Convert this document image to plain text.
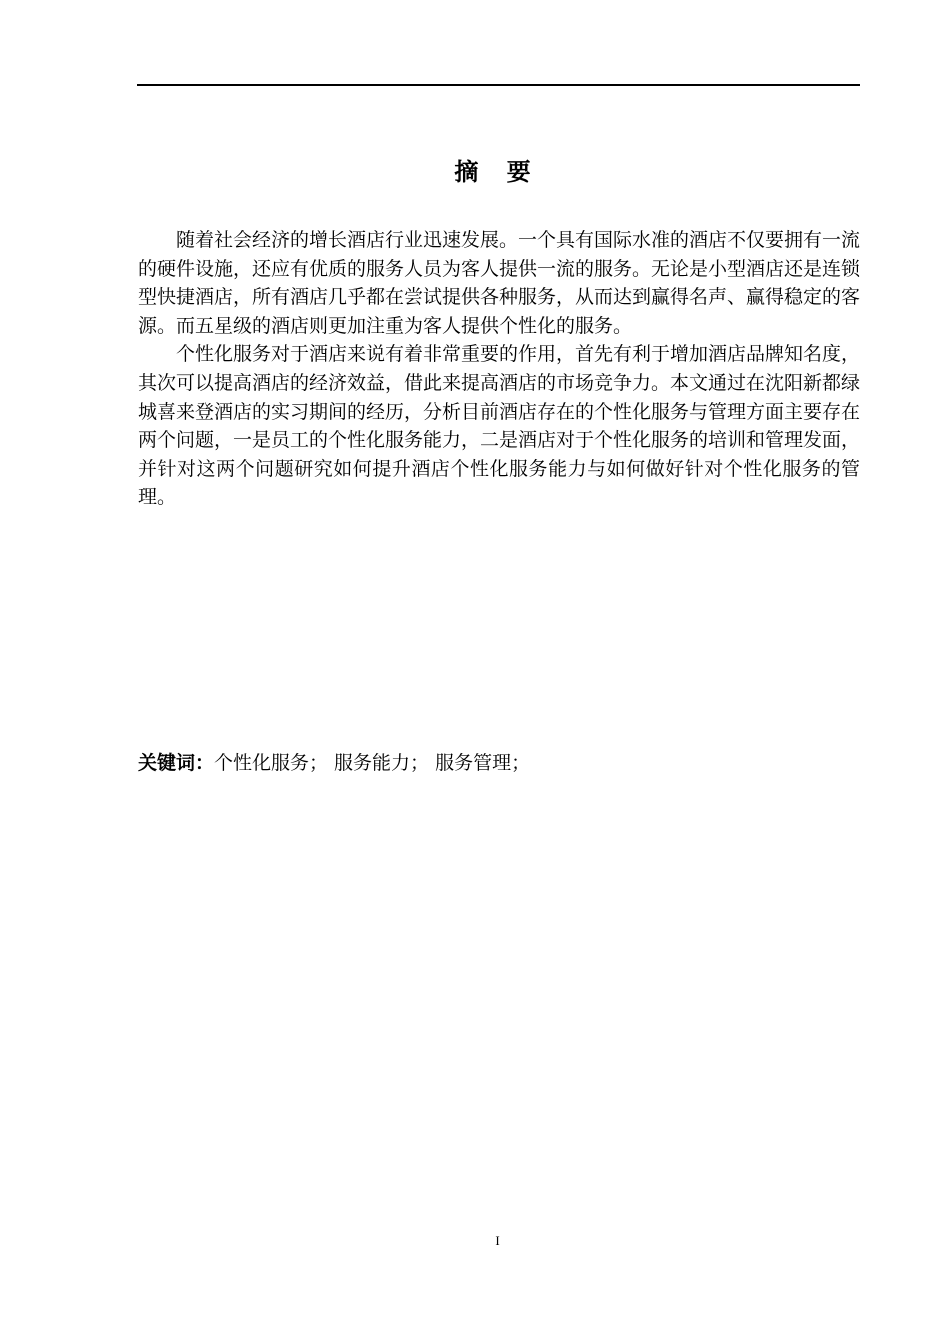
摘 要

随着社会经济的增长酒店行业迅速发展。一个具有国际水准的酒店不仅要拥有一流的硬件设施，还应有优质的服务人员为客人提供一流的服务。无论是小型酒店还是连锁型快捷酒店，所有酒店几乎都在尝试提供各种服务，从而达到赢得名声、赢得稳定的客源。而五星级的酒店则更加注重为客人提供个性化的服务。

个性化服务对于酒店来说有着非常重要的作用，首先有利于增加酒店品牌知名度，其次可以提高酒店的经济效益，借此来提高酒店的市场竞争力。本文通过在沈阳新都绿城喜来登酒店的实习期间的经历，分析目前酒店存在的个性化服务与管理方面主要存在两个问题，一是员工的个性化服务能力，二是酒店对于个性化服务的培训和管理发面，并针对这两个问题研究如何提升酒店个性化服务能力与如何做好针对个性化服务的管理。

关键词：个性化服务； 服务能力； 服务管理；
I
